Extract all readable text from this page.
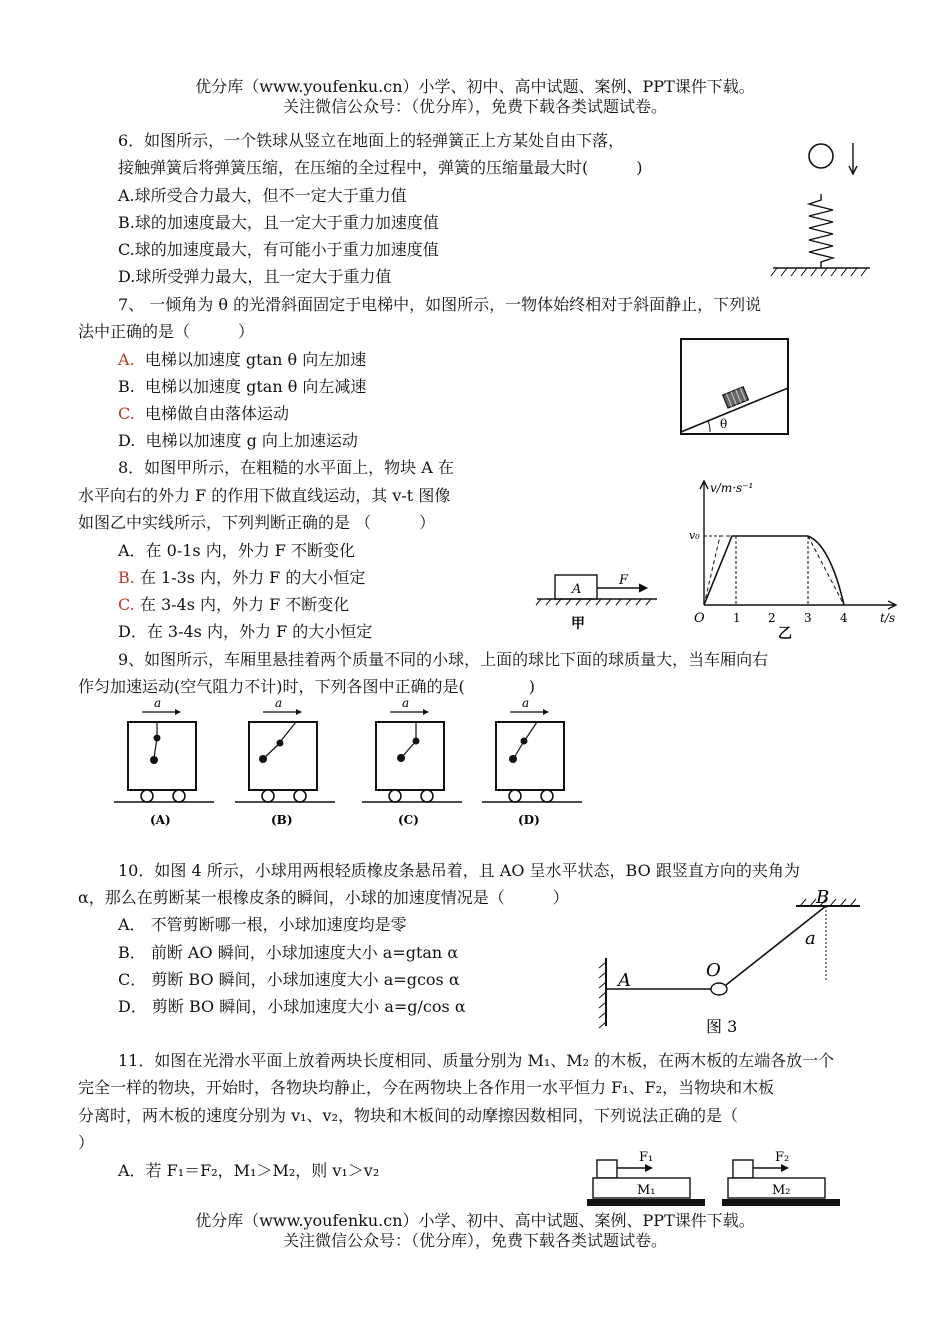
优分库（www.youfenku.cn）小学、初中、高中试题、案例、PPT课件下载。
关注微信公众号：（优分库），免费下载各类试题试卷。
6．如图所示，一个铁球从竖立在地面上的轻弹簧正上方某处自由下落，
接触弹簧后将弹簧压缩，在压缩的全过程中，弹簧的压缩量最大时(　　　)
A.球所受合力最大，但不一定大于重力值
B.球的加速度最大，且一定大于重力加速度值
C.球的加速度最大，有可能小于重力加速度值
D.球所受弹力最大，且一定大于重力值
7、 一倾角为 θ 的光滑斜面固定于电梯中，如图所示，一物体始终相对于斜面静止，下列说
法中正确的是（　　　）
A. 电梯以加速度 gtan θ 向左加速
B. 电梯以加速度 gtan θ 向左减速
C. 电梯做自由落体运动
D. 电梯以加速度 g 向上加速运动
θ
8．如图甲所示，在粗糙的水平面上，物块 A 在
水平向右的外力 F 的作用下做直线运动，其 v-t 图像
如图乙中实线所示，下列判断正确的是 （　　　）
A．在 0-1s 内，外力 F 不断变化
B. 在 1-3s 内，外力 F 的大小恒定
C. 在 3-4s 内，外力 F 不断变化
D．在 3-4s 内，外力 F 的大小恒定
A
F
甲
v/m·s⁻¹
t/s
v₀
O 1 2 3 4
乙
9、如图所示，车厢里悬挂着两个质量不同的小球，上面的球比下面的球质量大，当车厢向右
作匀加速运动(空气阻力不计)时，下列各图中正确的是(　　　　)
a
(A)
a
(B)
a
(C)
a
(D)
10．如图 4 所示，小球用两根轻质橡皮条悬吊着，且 AO 呈水平状态，BO 跟竖直方向的夹角为
α，那么在剪断某一根橡皮条的瞬间，小球的加速度情况是（　　　）
A． 不管剪断哪一根，小球加速度均是零
B． 前断 AO 瞬间，小球加速度大小 a=gtan α
C． 剪断 BO 瞬间，小球加速度大小 a=gcos α
D． 剪断 BO 瞬间，小球加速度大小 a=g/cos α
A	O
B
a
图 3
11．如图在光滑水平面上放着两块长度相同、质量分别为 M₁、M₂ 的木板，在两木板的左端各放一个
完全一样的物块，开始时，各物块均静止，今在两物块上各作用一水平恒力 F₁、F₂，当物块和木板
分离时，两木板的速度分别为 v₁、v₂，物块和木板间的动摩擦因数相同，下列说法正确的是（
）
A．若 F₁＝F₂，M₁＞M₂，则 v₁＞v₂
F₁
M₁
F₂
M₂
优分库（www.youfenku.cn）小学、初中、高中试题、案例、PPT课件下载。
关注微信公众号：（优分库），免费下载各类试题试卷。
